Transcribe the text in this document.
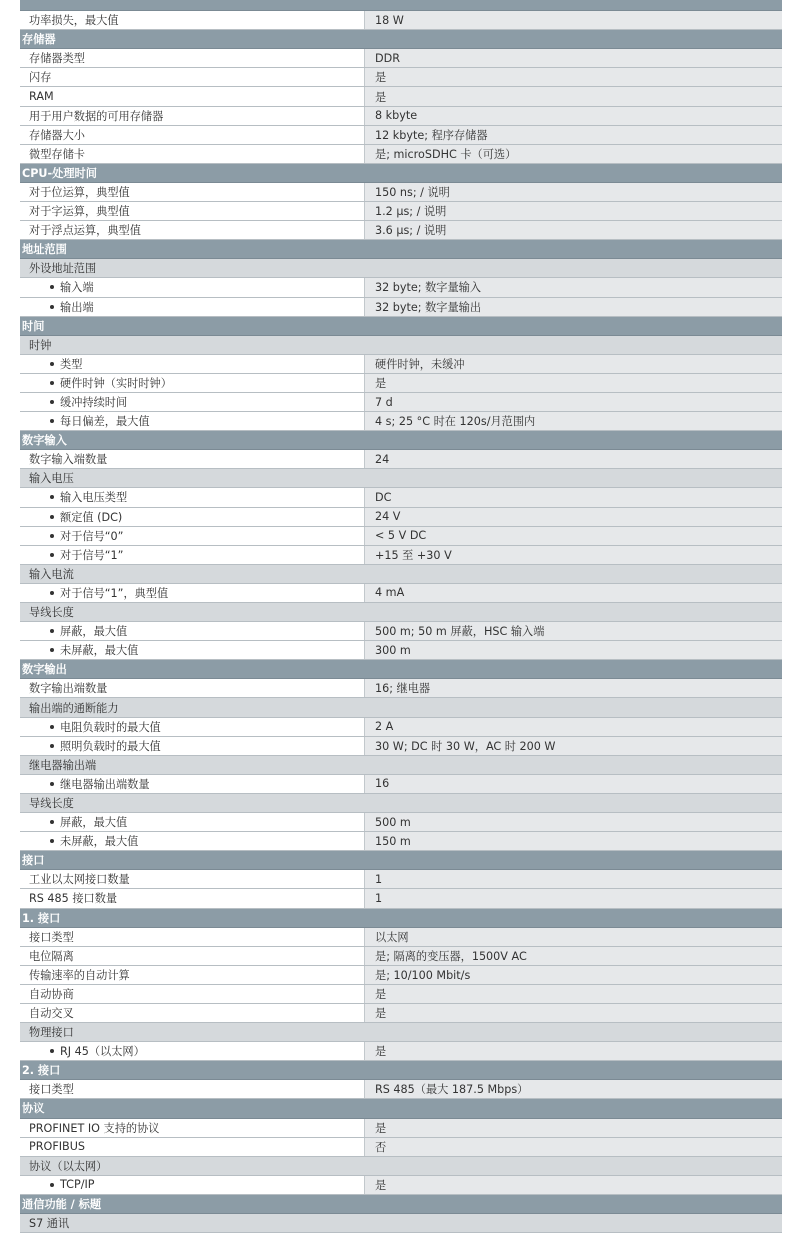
功率损失，最大值	18 W
存储器
存储器类型	DDR
闪存	是
RAM	是
用于用户数据的可用存储器	8 kbyte
存储器大小	12 kbyte; 程序存储器
微型存储卡	是; microSDHC 卡（可选）
CPU-处理时间
对于位运算，典型值	150 ns; / 说明
对于字运算，典型值	1.2 μs; / 说明
对于浮点运算，典型值	3.6 μs; / 说明
地址范围
外设地址范围
输入端	32 byte; 数字量输入
输出端	32 byte; 数字量输出
时间
时钟
类型	硬件时钟，未缓冲
硬件时钟（实时时钟）	是
缓冲持续时间	7 d
每日偏差，最大值	4 s; 25 °C 时在 120s/月范围内
数字输入
数字输入端数量	24
输入电压
输入电压类型	DC
额定值 (DC)	24 V
对于信号“0”	< 5 V DC
对于信号“1”	+15 至 +30 V
输入电流
对于信号“1”，典型值	4 mA
导线长度
屏蔽，最大值	500 m; 50 m 屏蔽，HSC 输入端
未屏蔽，最大值	300 m
数字输出
数字输出端数量	16; 继电器
输出端的通断能力
电阻负载时的最大值	2 A
照明负载时的最大值	30 W; DC 时 30 W，AC 时 200 W
继电器输出端
继电器输出端数量	16
导线长度
屏蔽，最大值	500 m
未屏蔽，最大值	150 m
接口
工业以太网接口数量	1
RS 485 接口数量	1
1. 接口
接口类型	以太网
电位隔离	是; 隔离的变压器，1500V AC
传输速率的自动计算	是; 10/100 Mbit/s
自动协商	是
自动交叉	是
物理接口
RJ 45（以太网）	是
2. 接口
接口类型	RS 485（最大 187.5 Mbps）
协议
PROFINET IO 支持的协议	是
PROFIBUS	否
协议（以太网）
TCP/IP	是
通信功能 / 标题
S7 通讯
